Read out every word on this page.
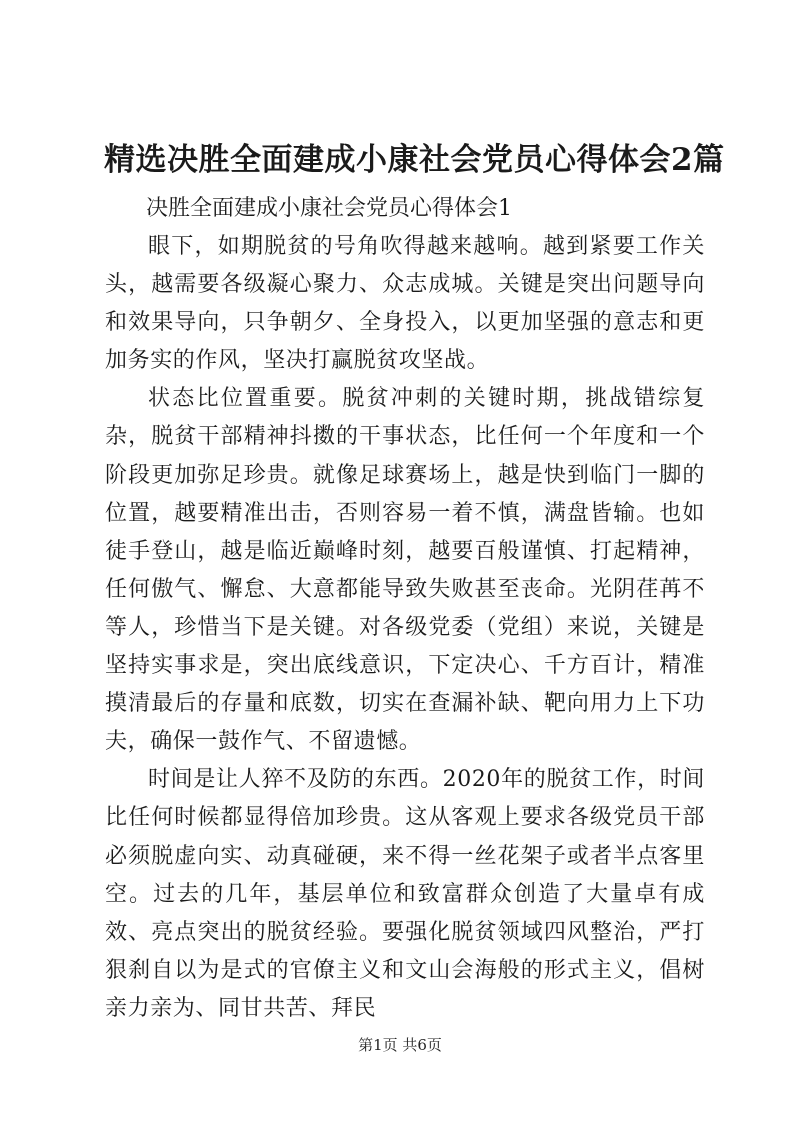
精选决胜全面建成小康社会党员心得体会2篇

决胜全面建成小康社会党员心得体会1

眼下，如期脱贫的号角吹得越来越响。越到紧要工作关头，越需要各级凝心聚力、众志成城。关键是突出问题导向和效果导向，只争朝夕、全身投入，以更加坚强的意志和更加务实的作风，坚决打赢脱贫攻坚战。

状态比位置重要。脱贫冲刺的关键时期，挑战错综复杂，脱贫干部精神抖擞的干事状态，比任何一个年度和一个阶段更加弥足珍贵。就像足球赛场上，越是快到临门一脚的位置，越要精准出击，否则容易一着不慎，满盘皆输。也如徒手登山，越是临近巅峰时刻，越要百般谨慎、打起精神，任何傲气、懈怠、大意都能导致失败甚至丧命。光阴荏苒不等人，珍惜当下是关键。对各级党委（党组）来说，关键是坚持实事求是，突出底线意识，下定决心、千方百计，精准摸清最后的存量和底数，切实在查漏补缺、靶向用力上下功夫，确保一鼓作气、不留遗憾。

时间是让人猝不及防的东西。2020年的脱贫工作，时间比任何时候都显得倍加珍贵。这从客观上要求各级党员干部必须脱虚向实、动真碰硬，来不得一丝花架子或者半点客里空。过去的几年，基层单位和致富群众创造了大量卓有成效、亮点突出的脱贫经验。要强化脱贫领域四风整治，严打狠刹自以为是式的官僚主义和文山会海般的形式主义，倡树亲力亲为、同甘共苦、拜民

第1页 共6页
